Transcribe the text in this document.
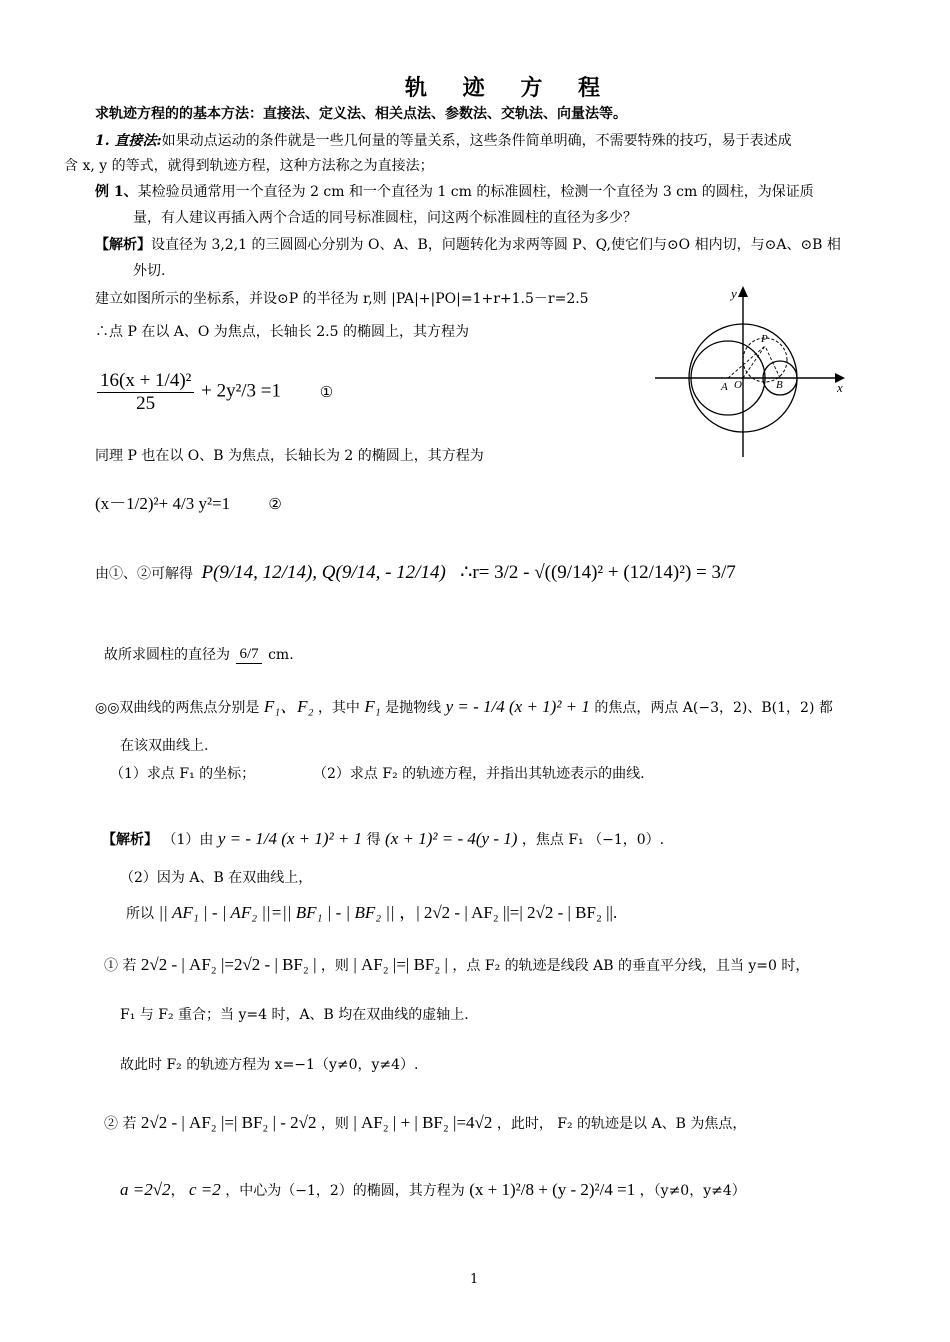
轨 迹 方 程
求轨迹方程的的基本方法：直接法、定义法、相关点法、参数法、交轨法、向量法等。
1. 直接法:如果动点运动的条件就是一些几何量的等量关系，这些条件简单明确，不需要特殊的技巧，易于表述成
含 x, y 的等式，就得到轨迹方程，这种方法称之为直接法；
例 1、某检验员通常用一个直径为 2 cm 和一个直径为 1 cm 的标准圆柱，检测一个直径为 3 cm 的圆柱，为保证质
量，有人建议再插入两个合适的同号标准圆柱，问这两个标准圆柱的直径为多少？
【解析】设直径为 3,2,1 的三圆圆心分别为 O、A、B，问题转化为求两等圆 P、Q,使它们与⊙O 相内切，与⊙A、⊙B 相
外切.
建立如图所示的坐标系，并设⊙P 的半径为 r,则 |PA|+|PO|=1+r+1.5－r=2.5
∴点 P 在以 A、O 为焦点，长轴长 2.5 的椭圆上，其方程为
$\frac{\text{16(x + 1/4)²}}{25} + 2y^2/3 =1$	①
同理 P 也在以 O、B 为焦点，长轴长为 2 的椭圆上，其方程为
(x－1/2)²+ 4/3 y²=1	②
由①、②可解得 P(9/14, 12/14), Q(9/14, - 12/14) ∴r= 3/2 - √((9/14)² + (12/14)²) = 3/7
故所求圆柱的直径为 6/7 cm.
y
x
P
A O	B
◎◎双曲线的两焦点分别是 F₁、F₂ ，其中 F₁ 是抛物线 y = - 1/4 (x + 1)² + 1 的焦点，两点 A(−3，2)、B(1，2) 都
在该双曲线上.
（1）求点 F₁ 的坐标；	（2）求点 F₂ 的轨迹方程，并指出其轨迹表示的曲线.
【解析】 （1）由 y = - 1/4 (x + 1)² + 1 得 (x + 1)² = - 4(y - 1) ，焦点 F₁ （−1，0）.
（2）因为 A、B 在双曲线上，
所以 || AF₁ | - | AF₂ ||=|| BF₁ | - | BF₂ || ，| 2√2 - | AF₂ ||=| 2√2 - | BF₂ ||.
① 若 2√2 - | AF₂ |=2√2 - | BF₂ | ，则 | AF₂ |=| BF₂ | ，点 F₂ 的轨迹是线段 AB 的垂直平分线，且当 y=0 时，
F₁ 与 F₂ 重合；当 y=4 时，A、B 均在双曲线的虚轴上.
故此时 F₂ 的轨迹方程为 x=−1（y≠0，y≠4）.
② 若 2√2 - | AF₂ |=| BF₂ | - 2√2 ，则 | AF₂ | + | BF₂ |=4√2 ，此时， F₂ 的轨迹是以 A、B 为焦点，
a =2√2， c =2 ，中心为（−1，2）的椭圆，其方程为 (x + 1)²/8 + (y - 2)²/4 =1 ，（y≠0，y≠4）
1
